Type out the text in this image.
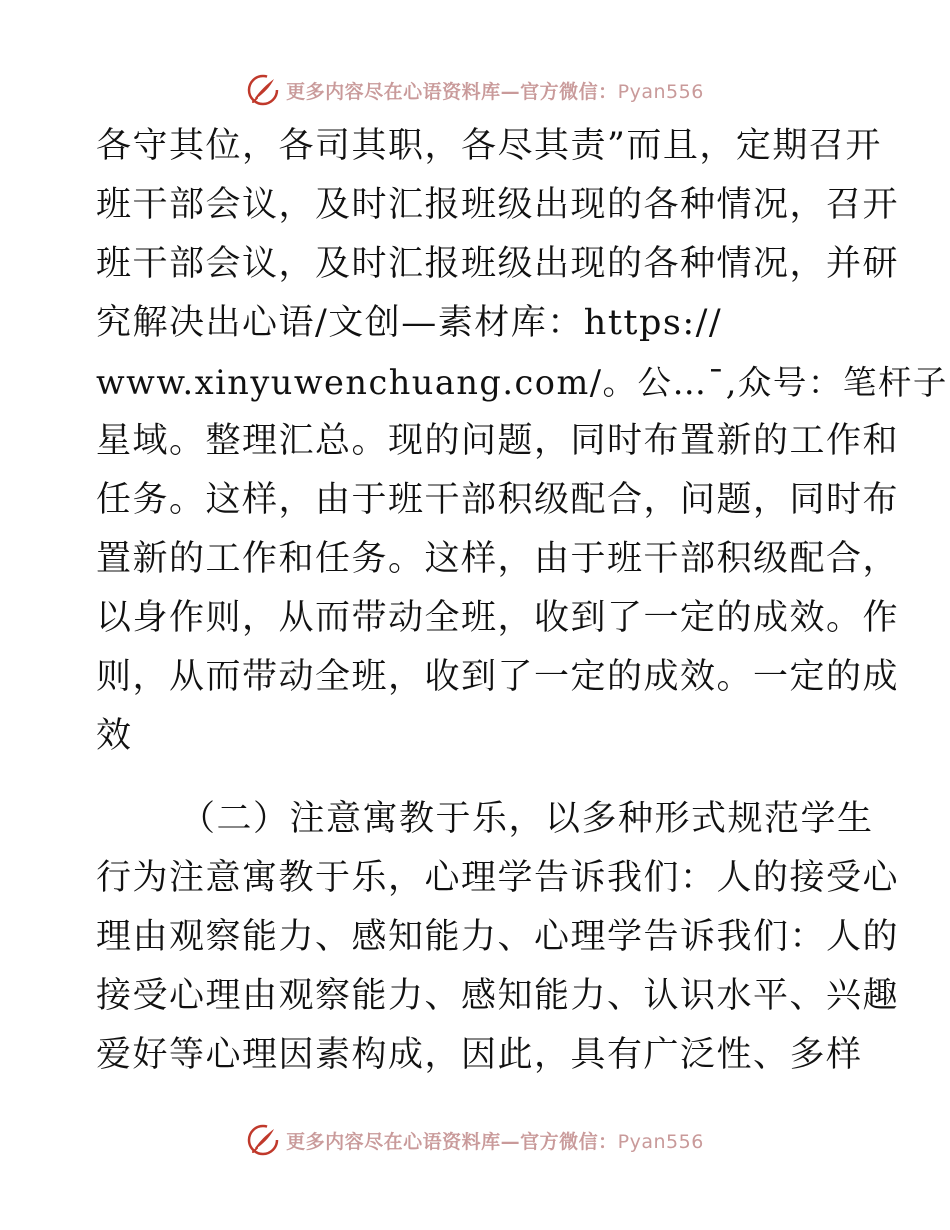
更多内容尽在心语资料库—官方微信：Pyan556

各守其位，各司其职，各尽其责”而且，定期召开
班干部会议，及时汇报班级出现的各种情况，召开
班干部会议，及时汇报班级出现的各种情况，并研
究解决出心语/文创—素材库：https://
www.xinyuwenchuang.com/。公…¯,众号：笔杆子
星域。整理汇总。现的问题，同时布置新的工作和
任务。这样，由于班干部积级配合，问题，同时布
置新的工作和任务。这样，由于班干部积级配合，
以身作则，从而带动全班，收到了一定的成效。作
则，从而带动全班，收到了一定的成效。一定的成
效

（二）注意寓教于乐，以多种形式规范学生
行为注意寓教于乐，心理学告诉我们：人的接受心
理由观察能力、感知能力、心理学告诉我们：人的
接受心理由观察能力、感知能力、认识水平、兴趣
爱好等心理因素构成，因此，具有广泛性、多样

更多内容尽在心语资料库—官方微信：Pyan556
